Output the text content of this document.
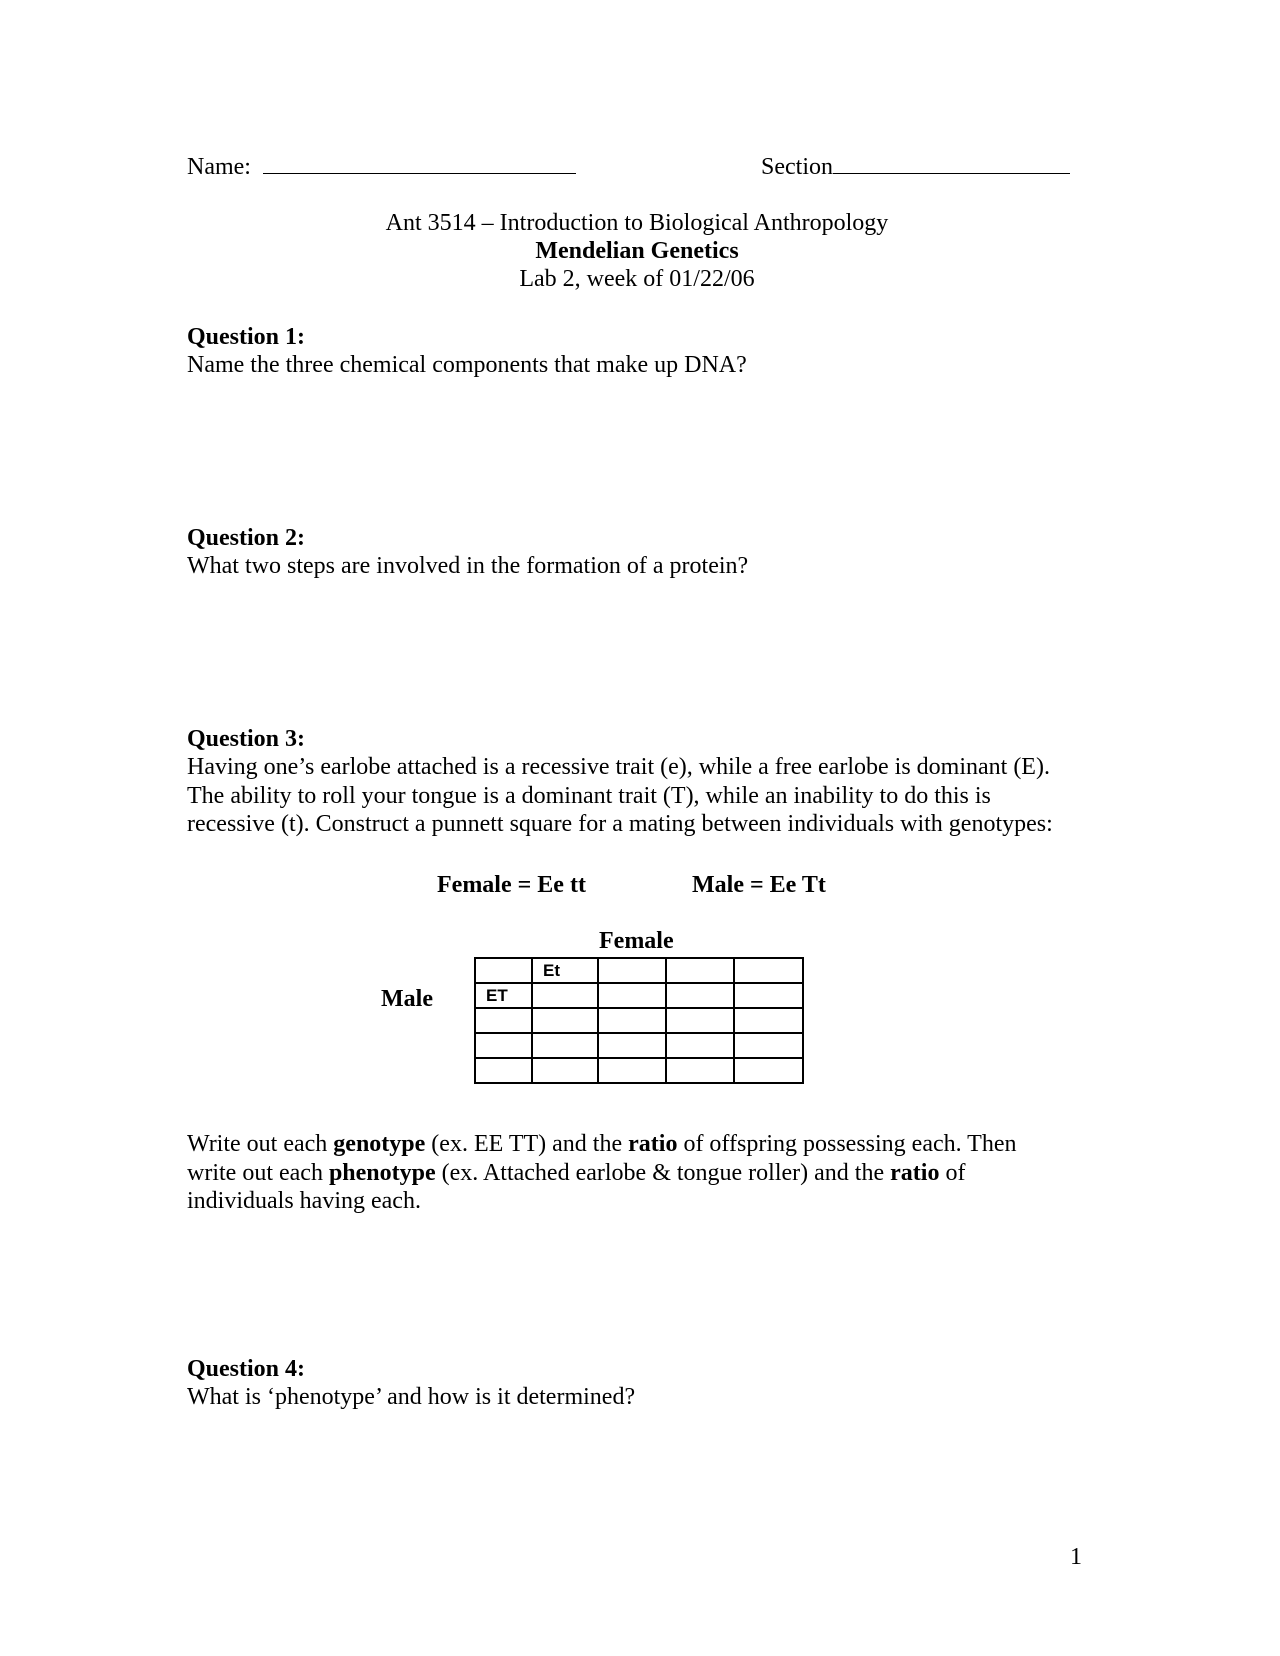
Name:	Section
Ant 3514 – Introduction to Biological Anthropology
Mendelian Genetics
Lab 2, week of 01/22/06
Question 1:
Name the three chemical components that make up DNA?
Question 2:
What two steps are involved in the formation of a protein?
Question 3:
Having one’s earlobe attached is a recessive trait (e), while a free earlobe is dominant (E). The ability to roll your tongue is a dominant trait (T), while an inability to do this is recessive (t). Construct a punnett square for a mating between individuals with genotypes:
Female = Ee tt	Male = Ee Tt
Female
Male
	Et			
ET				

Write out each genotype (ex. EE TT) and the ratio of offspring possessing each. Then write out each phenotype (ex. Attached earlobe & tongue roller) and the ratio of individuals having each.
Question 4:
What is ‘phenotype’ and how is it determined?
1
